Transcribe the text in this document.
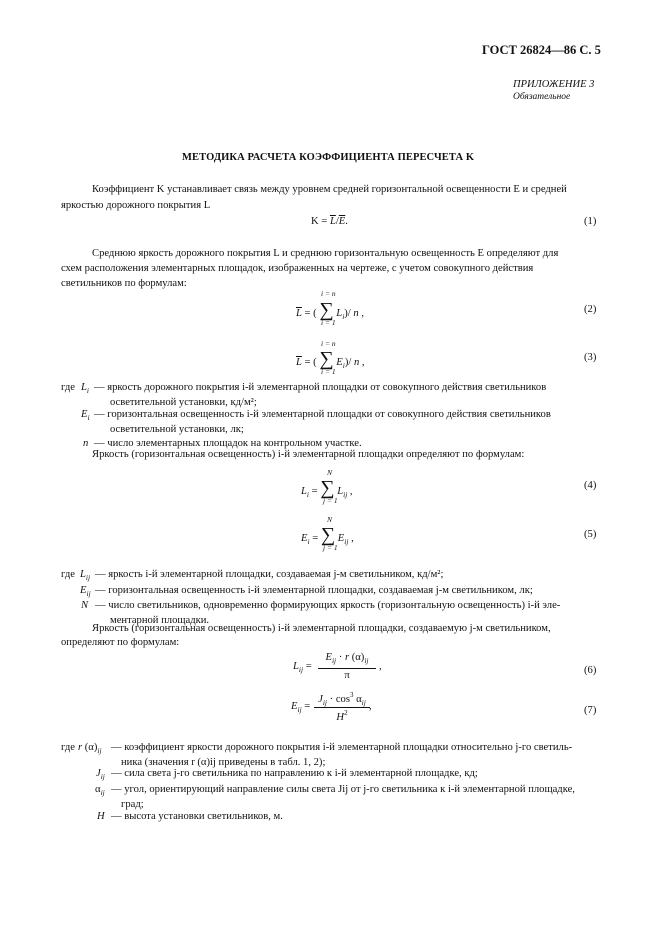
ГОСТ 26824—86 С. 5
ПРИЛОЖЕНИЕ 3
Обязательное
МЕТОДИКА РАСЧЕТА КОЭФФИЦИЕНТА ПЕРЕСЧЕТА K
Коэффициент K устанавливает связь между уровнем средней горизонтальной освещенности E и средней
яркостью дорожного покрытия L
$K = \overline{L}/\overline{E}$.	(1)
Среднюю яркость дорожного покрытия L и среднюю горизонтальную освещенность E определяют для
схем расположения элементарных площадок, изображенных на чертеже, с учетом совокупного действия
светильников по формулам:
i = n
$\overline{L}$ = ( ∑ $L_i)/$ n ,
i = 1
(2)
i = n
$\overline{L}$ = ( ∑ $E_i)/$ n ,
i = 1
(3)
где $L_i$ — яркость дорожного покрытия i-й элементарной площадки от совокупного действия светильников
осветительной установки, кд/м²;
$E_i$ — горизонтальная освещенность i-й элементарной площадки от совокупного действия светильников
осветительной установки, лк;
n — число элементарных площадок на контрольном участке.
Яркость (горизонтальная освещенность) i-й элементарной площадки определяют по формулам:
N
$L_i$ = ∑ $L_{ij}$ ,
j = 1
(4)
N
$E_i$ = ∑ $E_{ij}$ ,
j = 1
(5)
где $L_{ij}$ — яркость i-й элементарной площадки, создаваемая j-м светильником, кд/м²;
$E_{ij}$ — горизонтальная освещенность i-й элементарной площадки, создаваемая j-м светильником, лк;
N — число светильников, одновременно формирующих яркость (горизонтальную освещенность) i-й эле-
ментарной площадки.
Яркость (горизонтальная освещенность) i-й элементарной площадки, создаваемую j-м светильником,
определяют по формулам:
$L_{ij}$ =
$E_{ij} \cdot r$ $(\alpha)_{ij}$
π
,	(6)
$E_{ij}$ =
$J_{ij} \cdot \cos^3 \alpha_{ij}$
$H^2$
,	(7)
где r $(\alpha)_{ij}$ — коэффициент яркости дорожного покрытия i-й элементарной площадки относительно j-го светиль-
ника (значения r (α)ij приведены в табл. 1, 2);
$J_{ij}$ — сила света j-го светильника по направлению к i-й элементарной площадке, кд;
$\alpha_{ij}$ — угол, ориентирующий направление силы света Jij от j-го светильника к i-й элементарной площадке,
град;
H — высота установки светильников, м.
